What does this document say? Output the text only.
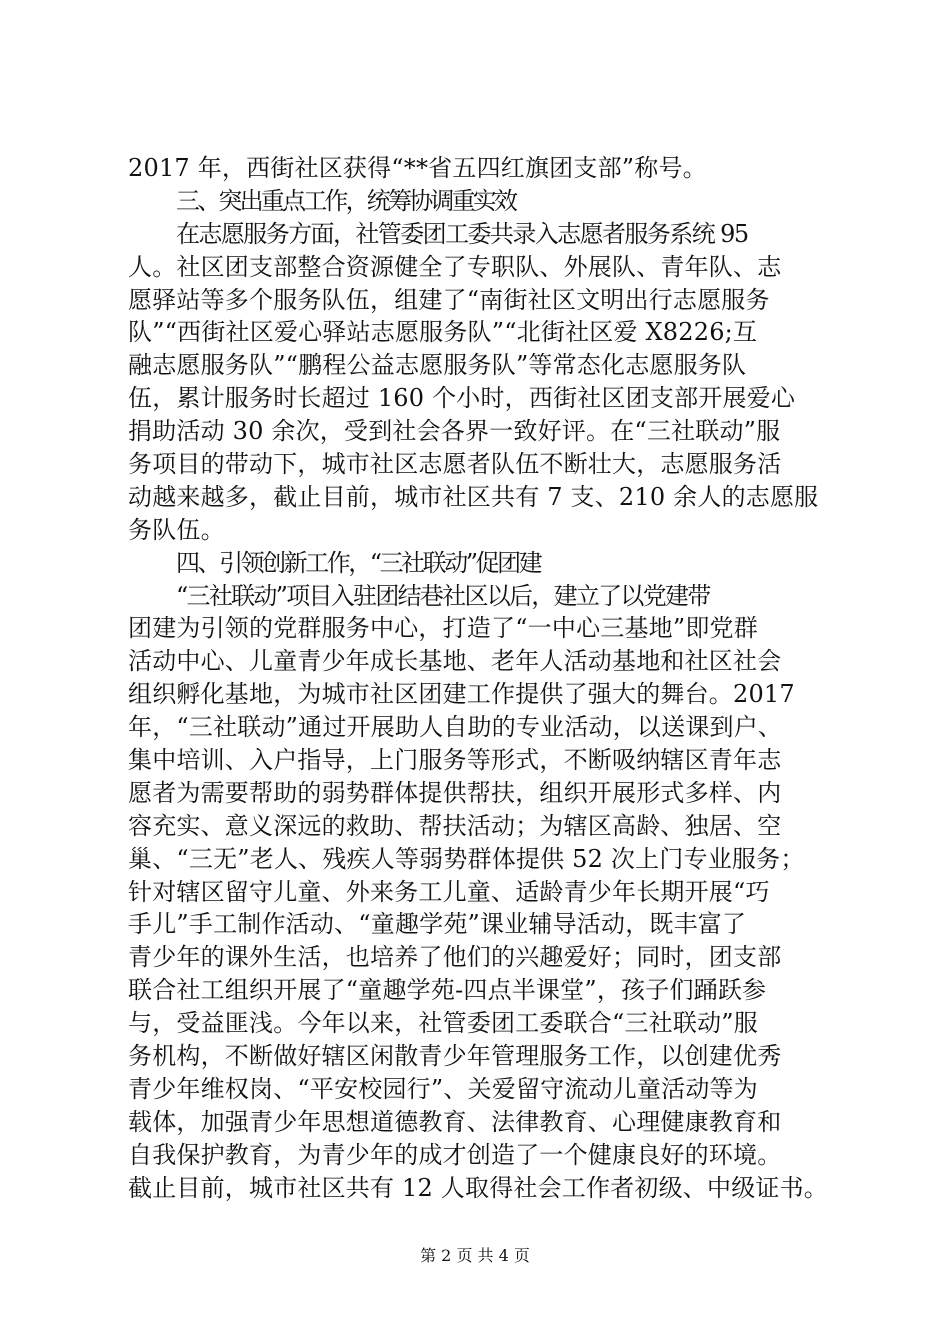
2017 年，西街社区获得“**省五四红旗团支部”称号。
三、突出重点工作，统筹协调重实效
在志愿服务方面，社管委团工委共录入志愿者服务系统 95
人。社区团支部整合资源健全了专职队、外展队、青年队、志
愿驿站等多个服务队伍，组建了“南街社区文明出行志愿服务
队”“西街社区爱心驿站志愿服务队”“北街社区爱 X8226;互
融志愿服务队”“鹏程公益志愿服务队”等常态化志愿服务队
伍，累计服务时长超过 160 个小时，西街社区团支部开展爱心
捐助活动 30 余次，受到社会各界一致好评。在“三社联动”服
务项目的带动下，城市社区志愿者队伍不断壮大，志愿服务活
动越来越多，截止目前，城市社区共有 7 支、210 余人的志愿服
务队伍。
四、引领创新工作，“三社联动”促团建
“三社联动”项目入驻团结巷社区以后，建立了以党建带
团建为引领的党群服务中心，打造了“一中心三基地”即党群
活动中心、儿童青少年成长基地、老年人活动基地和社区社会
组织孵化基地，为城市社区团建工作提供了强大的舞台。2017
年，“三社联动”通过开展助人自助的专业活动，以送课到户、
集中培训、入户指导，上门服务等形式，不断吸纳辖区青年志
愿者为需要帮助的弱势群体提供帮扶，组织开展形式多样、内
容充实、意义深远的救助、帮扶活动；为辖区高龄、独居、空
巢、“三无”老人、残疾人等弱势群体提供 52 次上门专业服务；
针对辖区留守儿童、外来务工儿童、适龄青少年长期开展“巧
手儿”手工制作活动、“童趣学苑”课业辅导活动，既丰富了
青少年的课外生活，也培养了他们的兴趣爱好；同时，团支部
联合社工组织开展了“童趣学苑-四点半课堂”，孩子们踊跃参
与，受益匪浅。今年以来，社管委团工委联合“三社联动”服
务机构，不断做好辖区闲散青少年管理服务工作，以创建优秀
青少年维权岗、“平安校园行”、关爱留守流动儿童活动等为
载体，加强青少年思想道德教育、法律教育、心理健康教育和
自我保护教育，为青少年的成才创造了一个健康良好的环境。
截止目前，城市社区共有 12 人取得社会工作者初级、中级证书。
第 2 页 共 4 页
